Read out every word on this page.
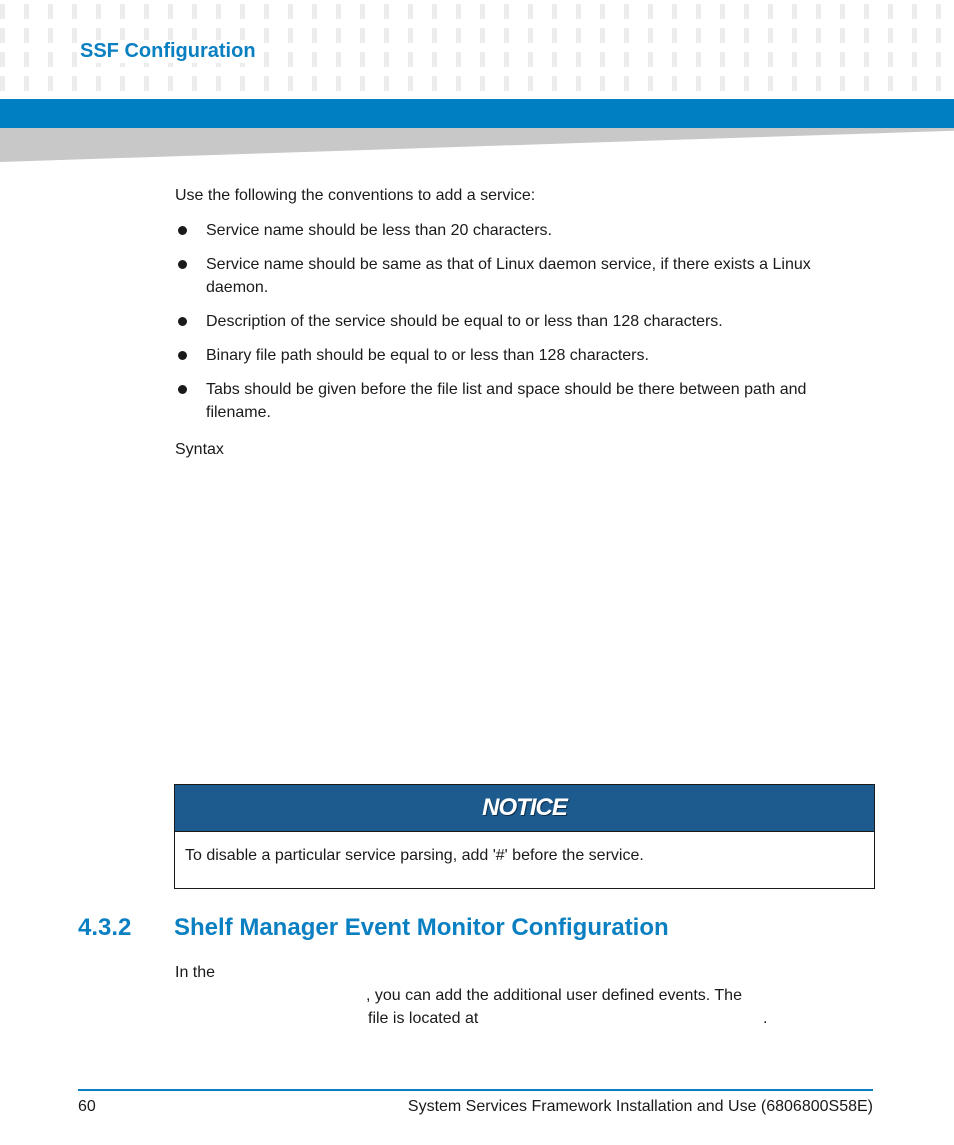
SSF Configuration

Use the following the conventions to add a service:

Service name should be less than 20 characters.
Service name should be same as that of Linux daemon service, if there exists a Linux daemon.
Description of the service should be equal to or less than 128 characters.
Binary file path should be equal to or less than 128 characters.
Tabs should be given before the file list and space should be there between path and filename.

Syntax

NOTICE
To disable a particular service parsing, add '#' before the service.
4.3.2 Shelf Manager Event Monitor Configuration

In the

, you can add the additional user defined events. The

file is located at	.

60	System Services Framework Installation and Use (6806800S58E)
